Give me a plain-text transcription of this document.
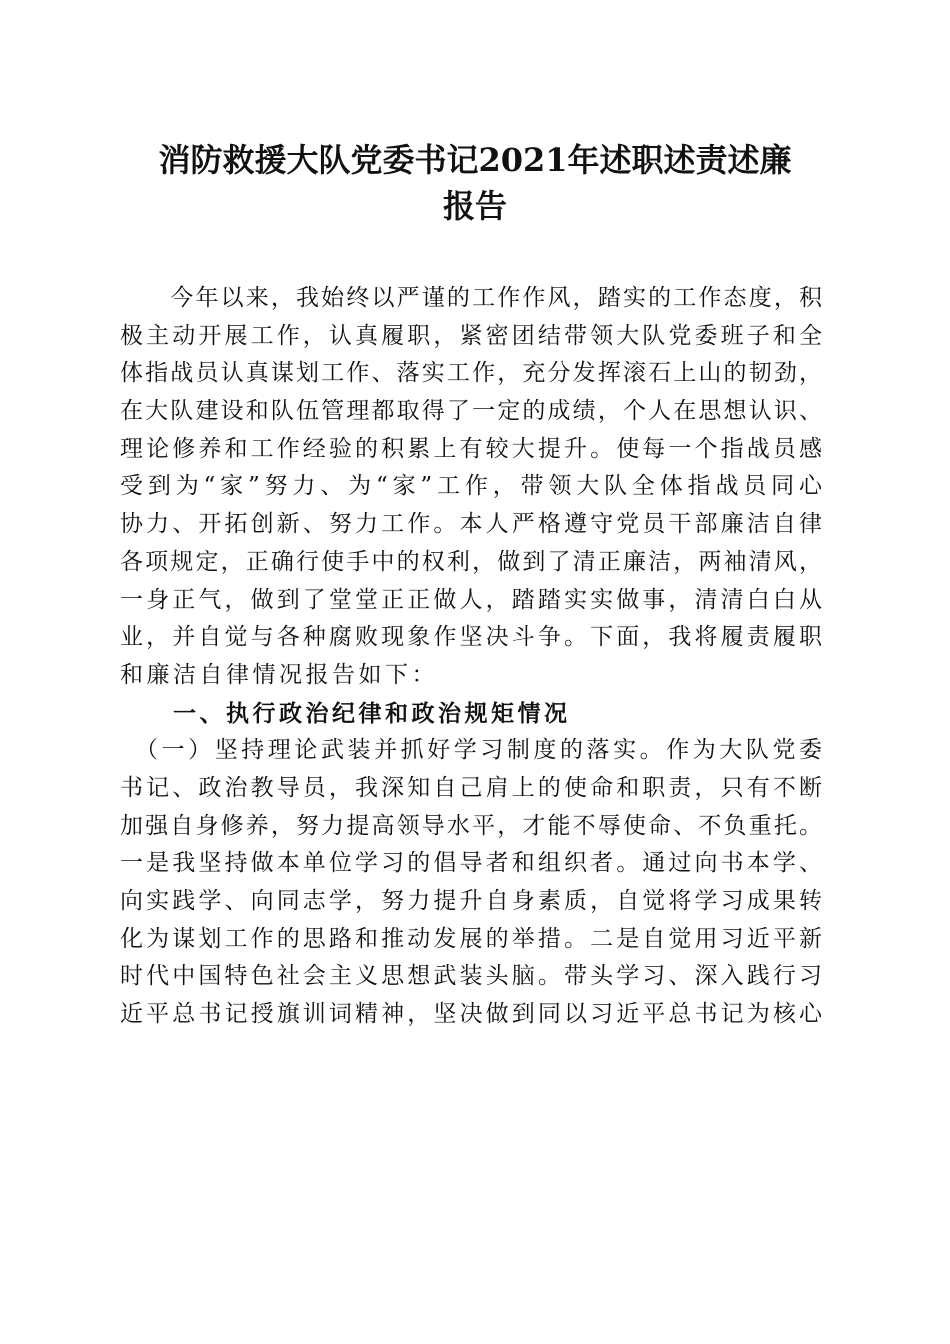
消防救援大队党委书记2021年述职述责述廉
报告
　　今年以来，我始终以严谨的工作作风，踏实的工作态度，积
极主动开展工作，认真履职，紧密团结带领大队党委班子和全
体指战员认真谋划工作、落实工作，充分发挥滚石上山的韧劲，
在大队建设和队伍管理都取得了一定的成绩，个人在思想认识、
理论修养和工作经验的积累上有较大提升。使每一个指战员感
受到为“家”努力、为“家”工作，带领大队全体指战员同心
协力、开拓创新、努力工作。本人严格遵守党员干部廉洁自律
各项规定，正确行使手中的权利，做到了清正廉洁，两袖清风，
一身正气，做到了堂堂正正做人，踏踏实实做事，清清白白从
业，并自觉与各种腐败现象作坚决斗争。下面，我将履责履职
和廉洁自律情况报告如下：
　　一、执行政治纪律和政治规矩情况
　（一）坚持理论武装并抓好学习制度的落实。作为大队党委
书记、政治教导员，我深知自己肩上的使命和职责，只有不断
加强自身修养，努力提高领导水平，才能不辱使命、不负重托。
一是我坚持做本单位学习的倡导者和组织者。通过向书本学、
向实践学、向同志学，努力提升自身素质，自觉将学习成果转
化为谋划工作的思路和推动发展的举措。二是自觉用习近平新
时代中国特色社会主义思想武装头脑。带头学习、深入践行习
近平总书记授旗训词精神，坚决做到同以习近平总书记为核心
